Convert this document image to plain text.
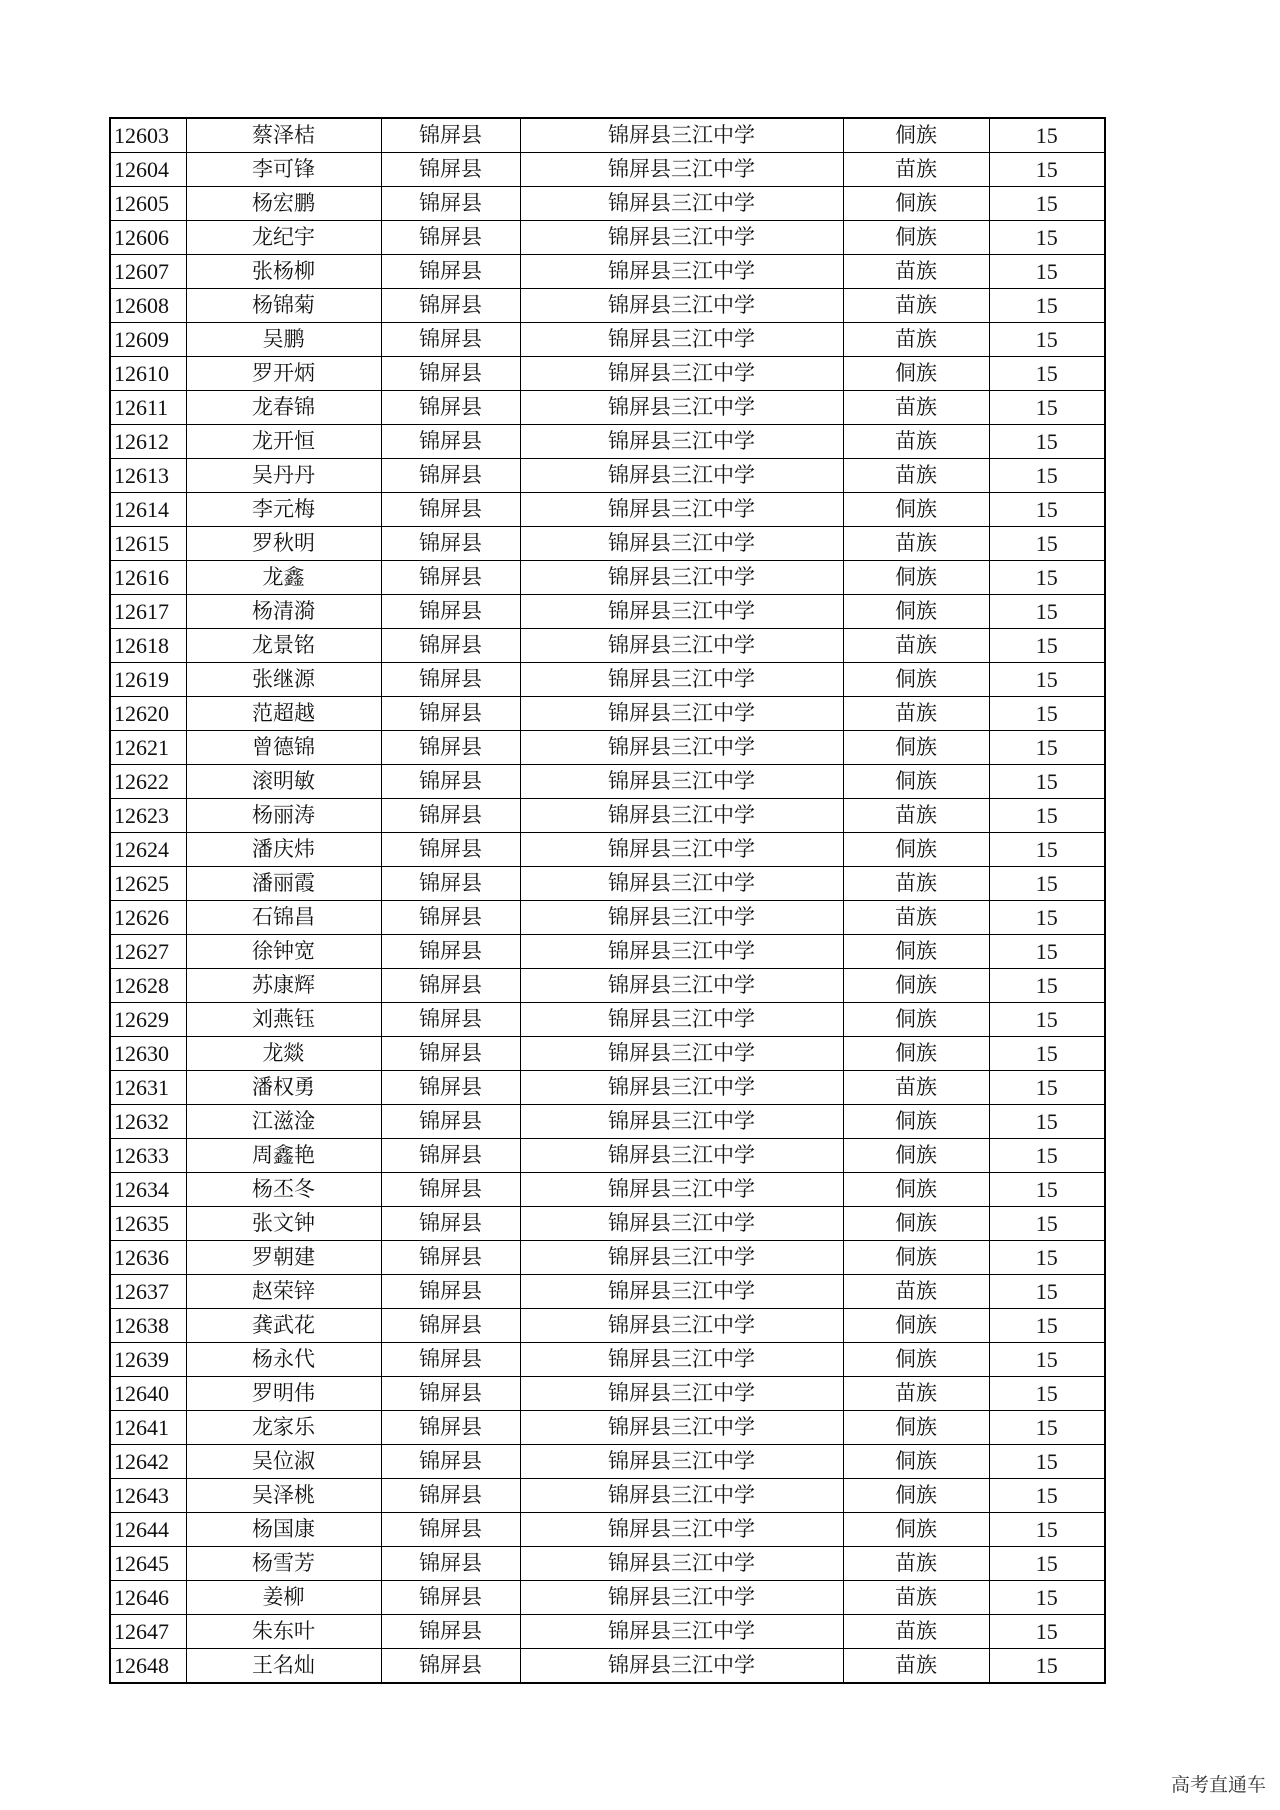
12603	蔡泽桔	锦屏县	锦屏县三江中学	侗族	15
12604	李可锋	锦屏县	锦屏县三江中学	苗族	15
12605	杨宏鹏	锦屏县	锦屏县三江中学	侗族	15
12606	龙纪宇	锦屏县	锦屏县三江中学	侗族	15
12607	张杨柳	锦屏县	锦屏县三江中学	苗族	15
12608	杨锦菊	锦屏县	锦屏县三江中学	苗族	15
12609	吴鹏	锦屏县	锦屏县三江中学	苗族	15
12610	罗开炳	锦屏县	锦屏县三江中学	侗族	15
12611	龙春锦	锦屏县	锦屏县三江中学	苗族	15
12612	龙开恒	锦屏县	锦屏县三江中学	苗族	15
12613	吴丹丹	锦屏县	锦屏县三江中学	苗族	15
12614	李元梅	锦屏县	锦屏县三江中学	侗族	15
12615	罗秋明	锦屏县	锦屏县三江中学	苗族	15
12616	龙鑫	锦屏县	锦屏县三江中学	侗族	15
12617	杨清漪	锦屏县	锦屏县三江中学	侗族	15
12618	龙景铭	锦屏县	锦屏县三江中学	苗族	15
12619	张继源	锦屏县	锦屏县三江中学	侗族	15
12620	范超越	锦屏县	锦屏县三江中学	苗族	15
12621	曾德锦	锦屏县	锦屏县三江中学	侗族	15
12622	滚明敏	锦屏县	锦屏县三江中学	侗族	15
12623	杨丽涛	锦屏县	锦屏县三江中学	苗族	15
12624	潘庆炜	锦屏县	锦屏县三江中学	侗族	15
12625	潘丽霞	锦屏县	锦屏县三江中学	苗族	15
12626	石锦昌	锦屏县	锦屏县三江中学	苗族	15
12627	徐钟宽	锦屏县	锦屏县三江中学	侗族	15
12628	苏康辉	锦屏县	锦屏县三江中学	侗族	15
12629	刘燕钰	锦屏县	锦屏县三江中学	侗族	15
12630	龙燚	锦屏县	锦屏县三江中学	侗族	15
12631	潘权勇	锦屏县	锦屏县三江中学	苗族	15
12632	江滋淦	锦屏县	锦屏县三江中学	侗族	15
12633	周鑫艳	锦屏县	锦屏县三江中学	侗族	15
12634	杨丕冬	锦屏县	锦屏县三江中学	侗族	15
12635	张文钟	锦屏县	锦屏县三江中学	侗族	15
12636	罗朝建	锦屏县	锦屏县三江中学	侗族	15
12637	赵荣锌	锦屏县	锦屏县三江中学	苗族	15
12638	龚武花	锦屏县	锦屏县三江中学	侗族	15
12639	杨永代	锦屏县	锦屏县三江中学	侗族	15
12640	罗明伟	锦屏县	锦屏县三江中学	苗族	15
12641	龙家乐	锦屏县	锦屏县三江中学	侗族	15
12642	吴位淑	锦屏县	锦屏县三江中学	侗族	15
12643	吴泽桃	锦屏县	锦屏县三江中学	侗族	15
12644	杨国康	锦屏县	锦屏县三江中学	侗族	15
12645	杨雪芳	锦屏县	锦屏县三江中学	苗族	15
12646	姜柳	锦屏县	锦屏县三江中学	苗族	15
12647	朱东叶	锦屏县	锦屏县三江中学	苗族	15
12648	王名灿	锦屏县	锦屏县三江中学	苗族	15
高考直通车
